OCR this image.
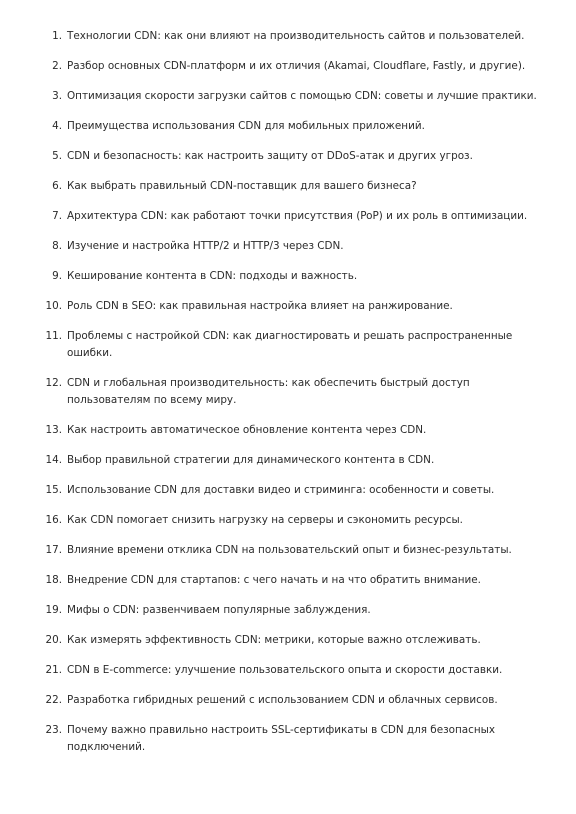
1. Технологии CDN: как они влияют на производительность сайтов и пользователей.
2. Разбор основных CDN-платформ и их отличия (Akamai, Cloudflare, Fastly, и другие).
3. Оптимизация скорости загрузки сайтов с помощью CDN: советы и лучшие практики.
4. Преимущества использования CDN для мобильных приложений.
5. CDN и безопасность: как настроить защиту от DDoS-атак и других угроз.
6. Как выбрать правильный CDN-поставщик для вашего бизнеса?
7. Архитектура CDN: как работают точки присутствия (PoP) и их роль в оптимизации.
8. Изучение и настройка HTTP/2 и HTTP/3 через CDN.
9. Кеширование контента в CDN: подходы и важность.
10. Роль CDN в SEO: как правильная настройка влияет на ранжирование.
11. Проблемы с настройкой CDN: как диагностировать и решать распространенные ошибки.
12. CDN и глобальная производительность: как обеспечить быстрый доступ пользователям по всему миру.
13. Как настроить автоматическое обновление контента через CDN.
14. Выбор правильной стратегии для динамического контента в CDN.
15. Использование CDN для доставки видео и стриминга: особенности и советы.
16. Как CDN помогает снизить нагрузку на серверы и сэкономить ресурсы.
17. Влияние времени отклика CDN на пользовательский опыт и бизнес-результаты.
18. Внедрение CDN для стартапов: с чего начать и на что обратить внимание.
19. Мифы о CDN: развенчиваем популярные заблуждения.
20. Как измерять эффективность CDN: метрики, которые важно отслеживать.
21. CDN в E-commerce: улучшение пользовательского опыта и скорости доставки.
22. Разработка гибридных решений с использованием CDN и облачных сервисов.
23. Почему важно правильно настроить SSL-сертификаты в CDN для безопасных подключений.
